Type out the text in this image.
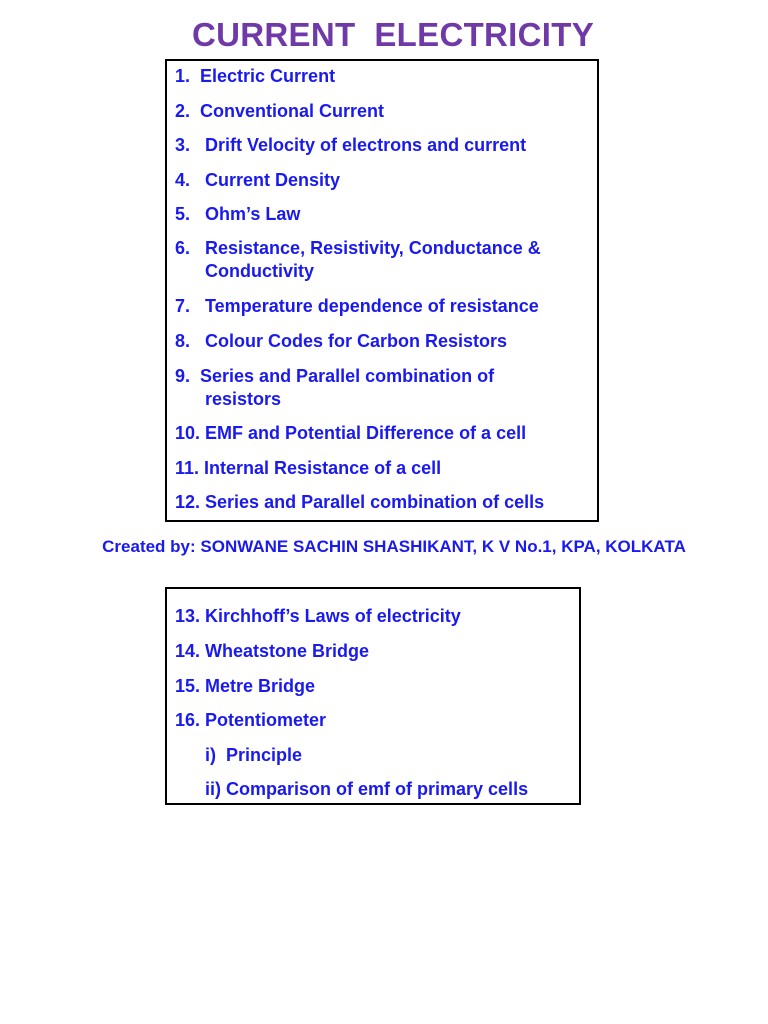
CURRENT  ELECTRICITY
1.  Electric Current
2.  Conventional Current
3.   Drift Velocity of electrons and current
4.   Current Density
5.   Ohm’s Law
6.   Resistance, Resistivity, Conductance &
Conductivity
7.   Temperature dependence of resistance
8.   Colour Codes for Carbon Resistors
9.  Series and Parallel combination of
resistors
10. EMF and Potential Difference of a cell
11. Internal Resistance of a cell
12. Series and Parallel combination of cells
Created by: SONWANE SACHIN SHASHIKANT, K V No.1, KPA, KOLKATA
13. Kirchhoff’s Laws of electricity
14. Wheatstone Bridge
15. Metre Bridge
16. Potentiometer
i)  Principle
ii) Comparison of emf of primary cells
